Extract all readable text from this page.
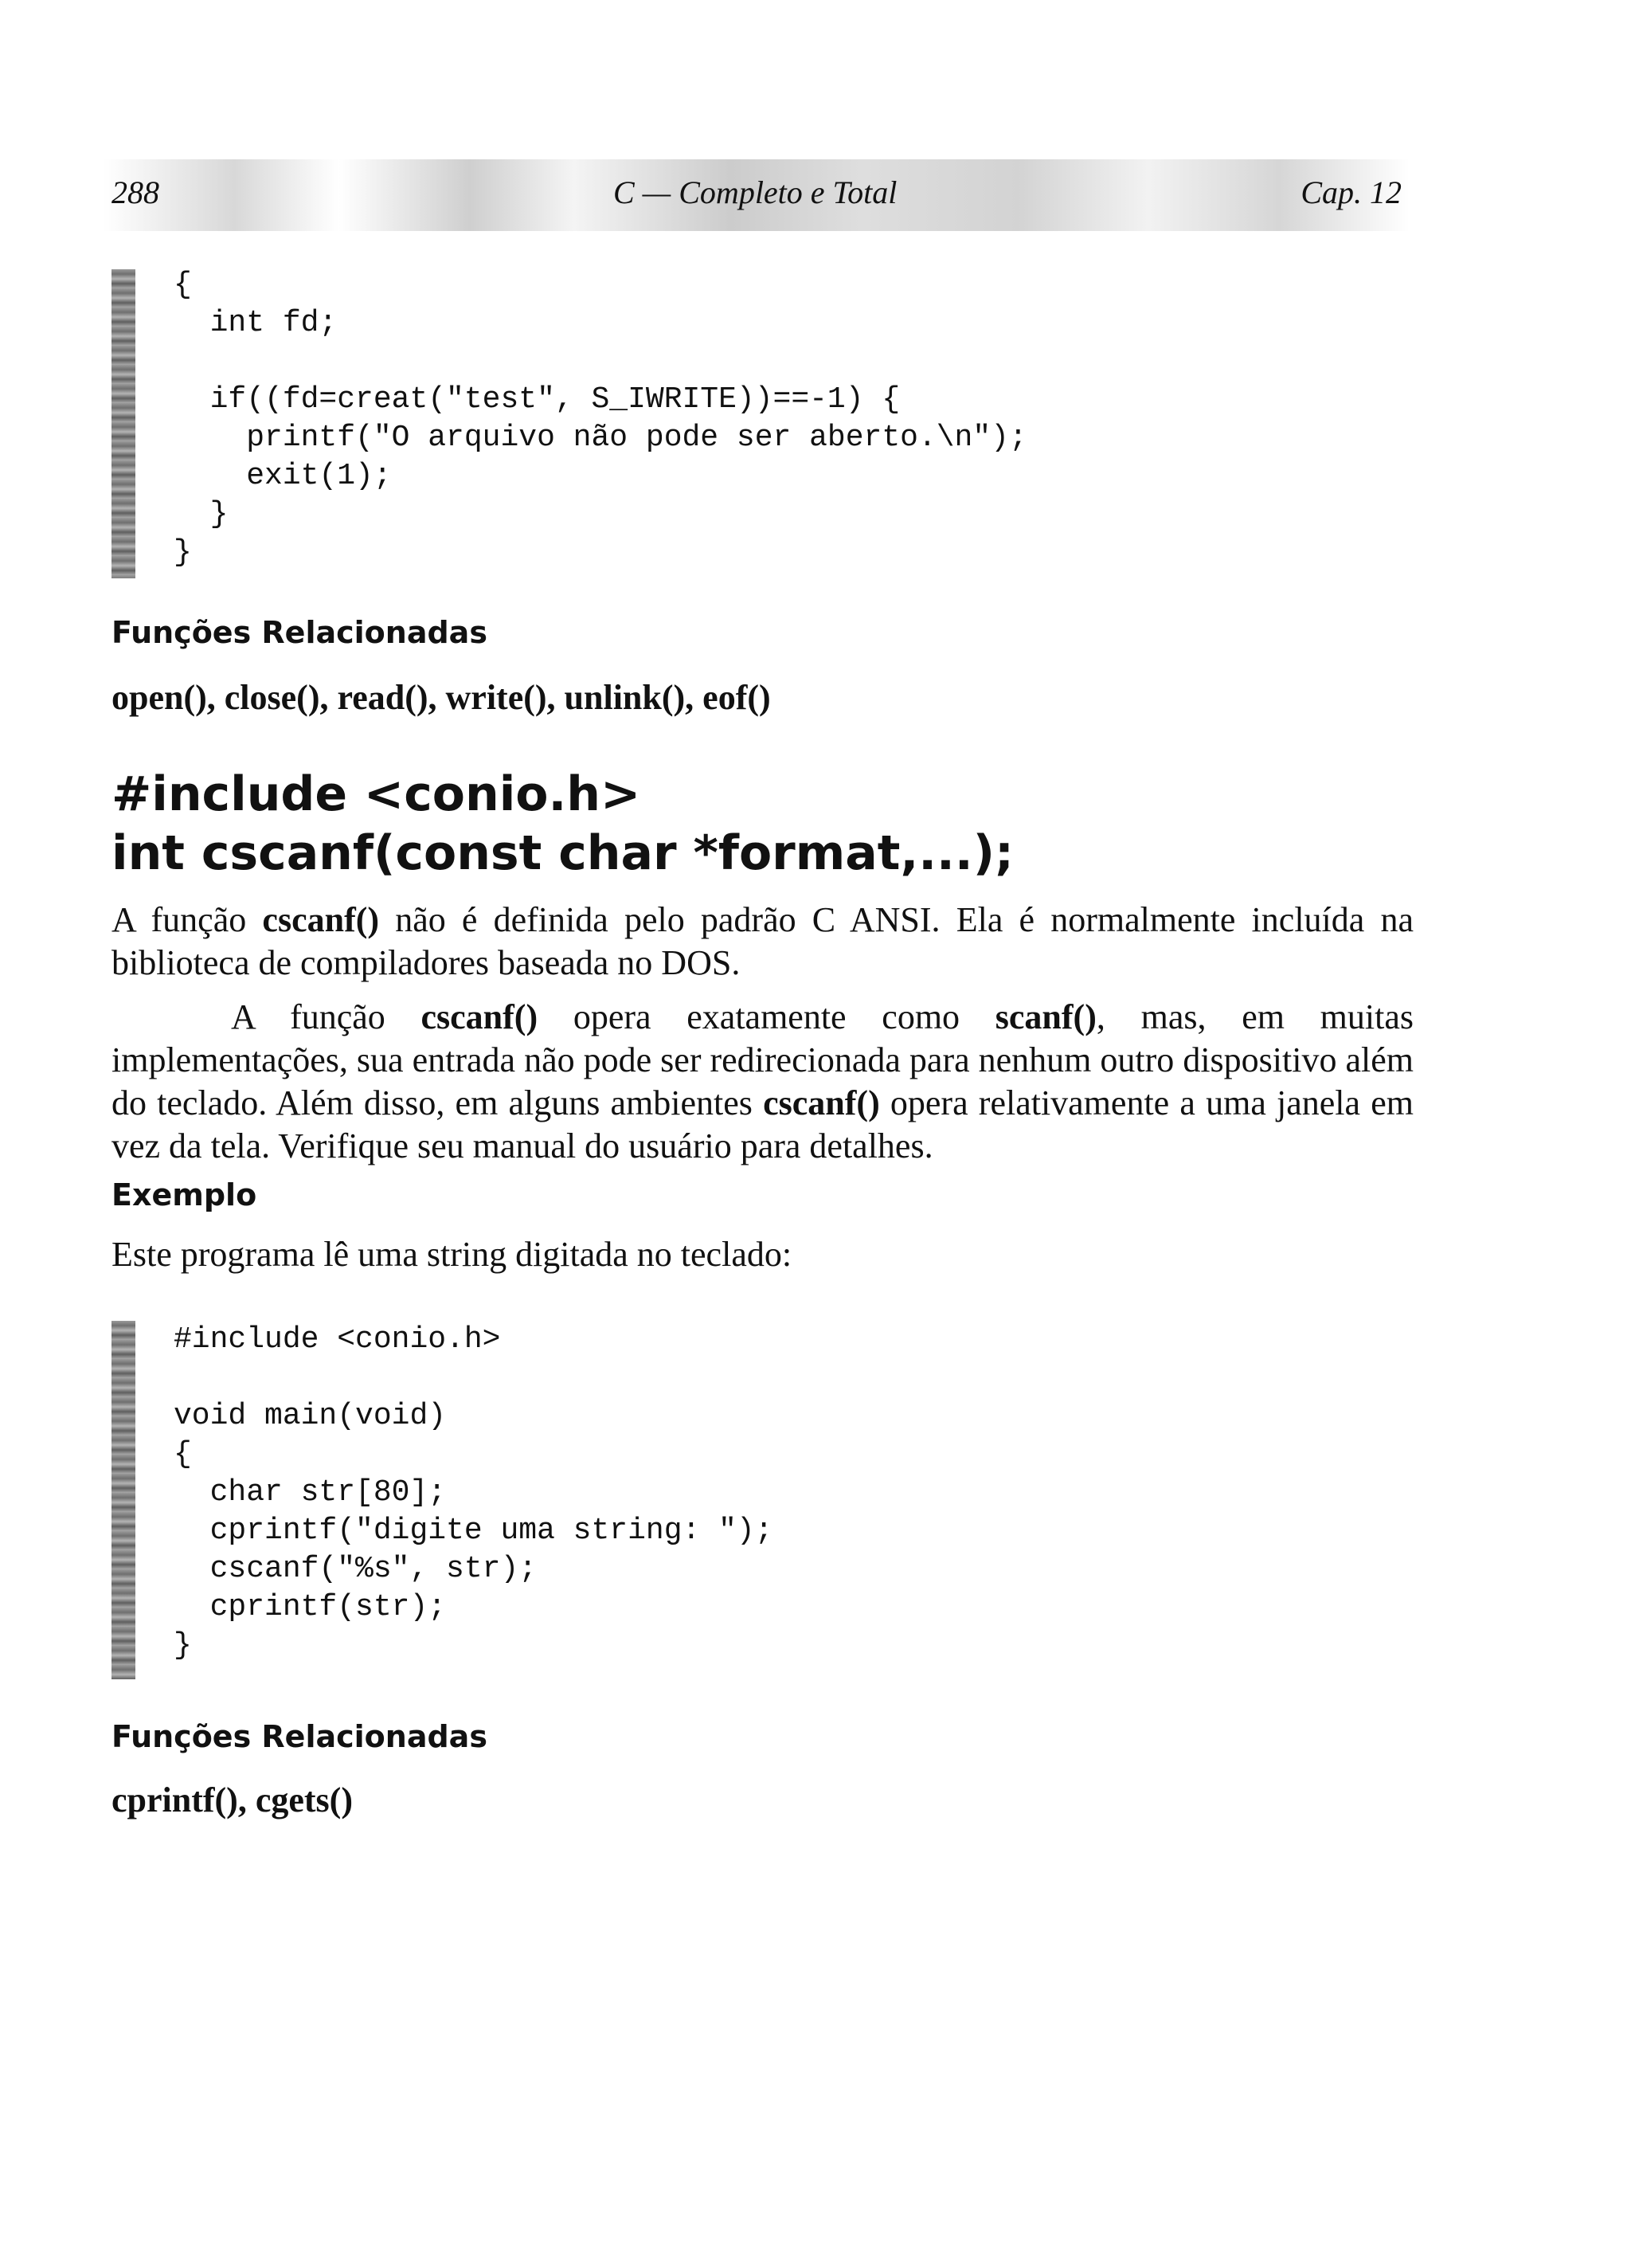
288	C — Completo e Total	Cap. 12
{
int fd;

if((fd=creat("test", S_IWRITE))==-1) {
printf("O arquivo não pode ser aberto.\n");
exit(1);
}
}
Funções Relacionadas
open(), close(), read(), write(), unlink(), eof()
#include <conio.h>
int cscanf(const char *format,...);

A função cscanf() não é definida pelo padrão C ANSI. Ela é normalmente incluída na biblioteca de compiladores baseada no DOS.

A função cscanf() opera exatamente como scanf(), mas, em muitas implementações, sua entrada não pode ser redirecionada para nenhum outro dispositivo além do teclado. Além disso, em alguns ambientes cscanf() opera relativamente a uma janela em vez da tela. Verifique seu manual do usuário para detalhes.

Exemplo

Este programa lê uma string digitada no teclado:

#include <conio.h>

void main(void)
{
char str[80];
cprintf("digite uma string: ");
cscanf("%s", str);
cprintf(str);
}
Funções Relacionadas
cprintf(), cgets()
